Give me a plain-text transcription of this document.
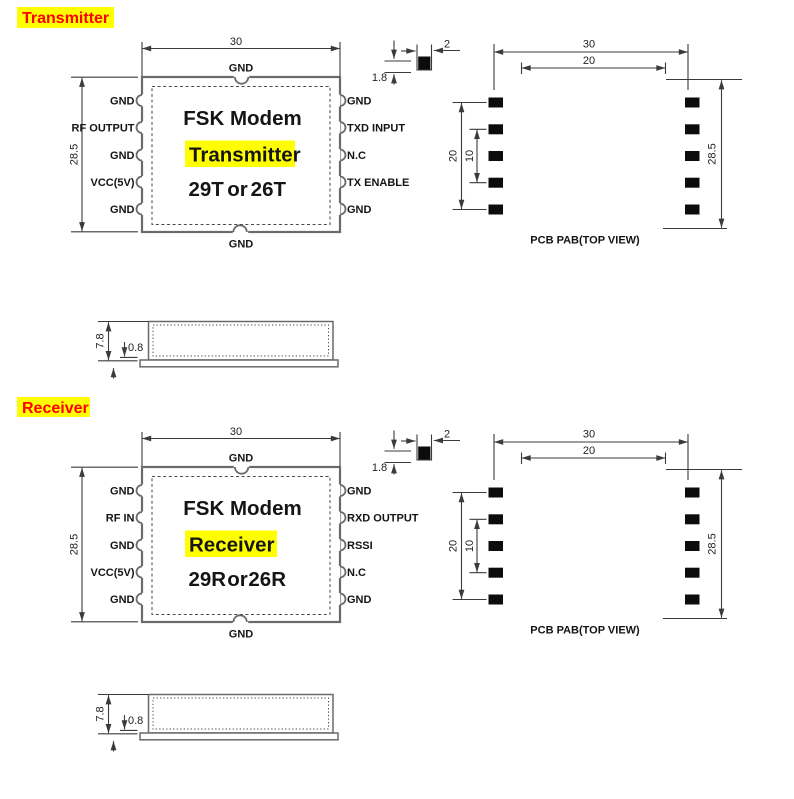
Transmitter
30
28.5
GND
GND
GND
RF OUTPUT
GND
VCC(5V)
GND
GND
TXD INPUT
N.C
TX ENABLE
GND
FSK Modem
Transmitter
29T or 26T
2
1.8
30
20
20 10	28.5
PCB PAB(TOP VIEW)
7.8 0.8
Receiver
30
28.5
GND
GND
GND
RF IN
GND
VCC(5V)
GND
GND
RXD OUTPUT
RSSI
N.C
GND
FSK Modem
Receiver
29R or 26R
2
1.8
30
20
20 10	28.5
PCB PAB(TOP VIEW)
7.8 0.8
